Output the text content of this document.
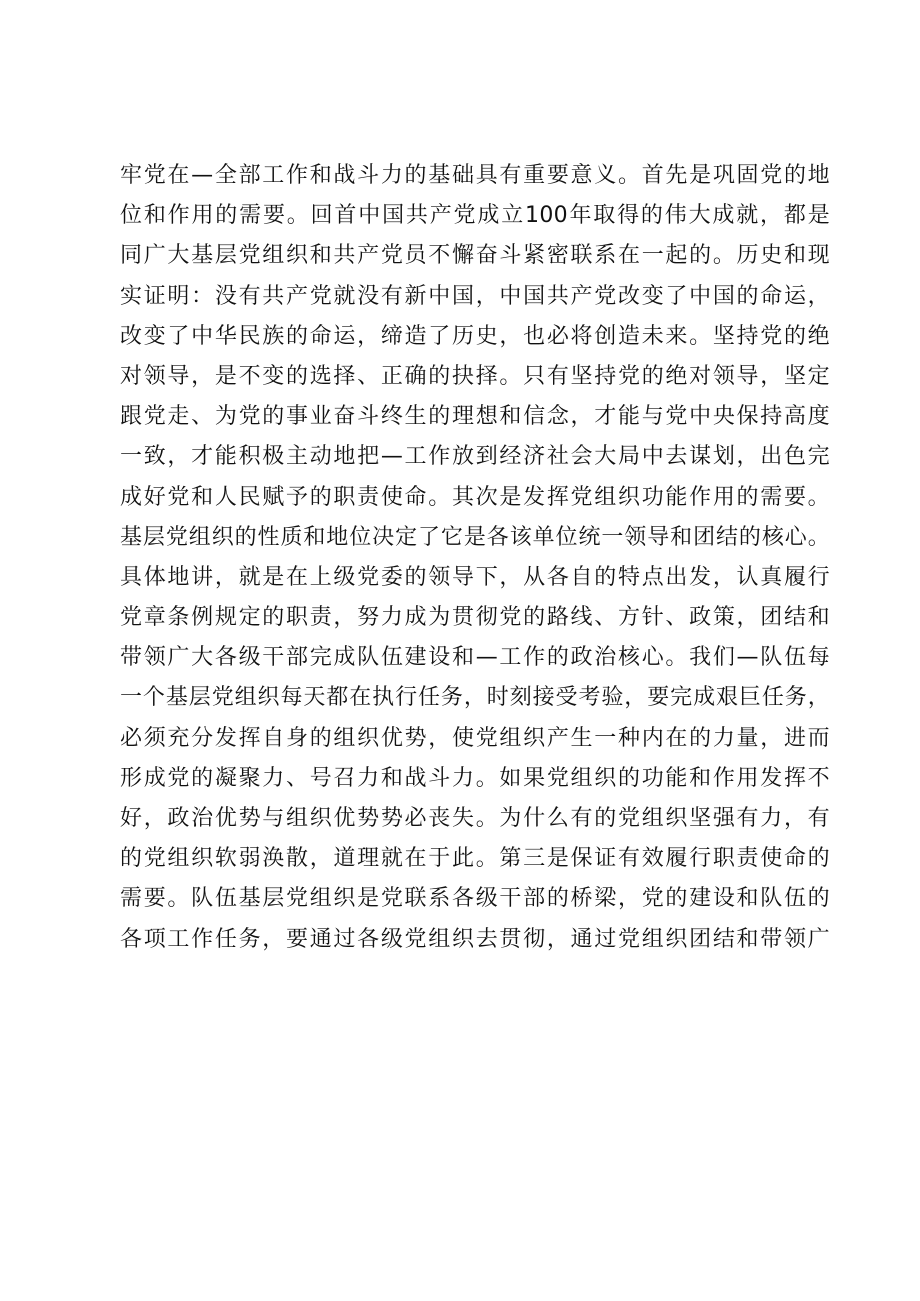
牢党在—全部工作和战斗力的基础具有重要意义。首先是巩固党的地
位和作用的需要。回首中国共产党成立100年取得的伟大成就，都是
同广大基层党组织和共产党员不懈奋斗紧密联系在一起的。历史和现
实证明：没有共产党就没有新中国，中国共产党改变了中国的命运，
改变了中华民族的命运，缔造了历史，也必将创造未来。坚持党的绝
对领导，是不变的选择、正确的抉择。只有坚持党的绝对领导，坚定
跟党走、为党的事业奋斗终生的理想和信念，才能与党中央保持高度
一致，才能积极主动地把—工作放到经济社会大局中去谋划，出色完
成好党和人民赋予的职责使命。其次是发挥党组织功能作用的需要。
基层党组织的性质和地位决定了它是各该单位统一领导和团结的核心。
具体地讲，就是在上级党委的领导下，从各自的特点出发，认真履行
党章条例规定的职责，努力成为贯彻党的路线、方针、政策，团结和
带领广大各级干部完成队伍建设和—工作的政治核心。我们—队伍每
一个基层党组织每天都在执行任务，时刻接受考验，要完成艰巨任务，
必须充分发挥自身的组织优势，使党组织产生一种内在的力量，进而
形成党的凝聚力、号召力和战斗力。如果党组织的功能和作用发挥不
好，政治优势与组织优势势必丧失。为什么有的党组织坚强有力，有
的党组织软弱涣散，道理就在于此。第三是保证有效履行职责使命的
需要。队伍基层党组织是党联系各级干部的桥梁，党的建设和队伍的
各项工作任务，要通过各级党组织去贯彻，通过党组织团结和带领广
